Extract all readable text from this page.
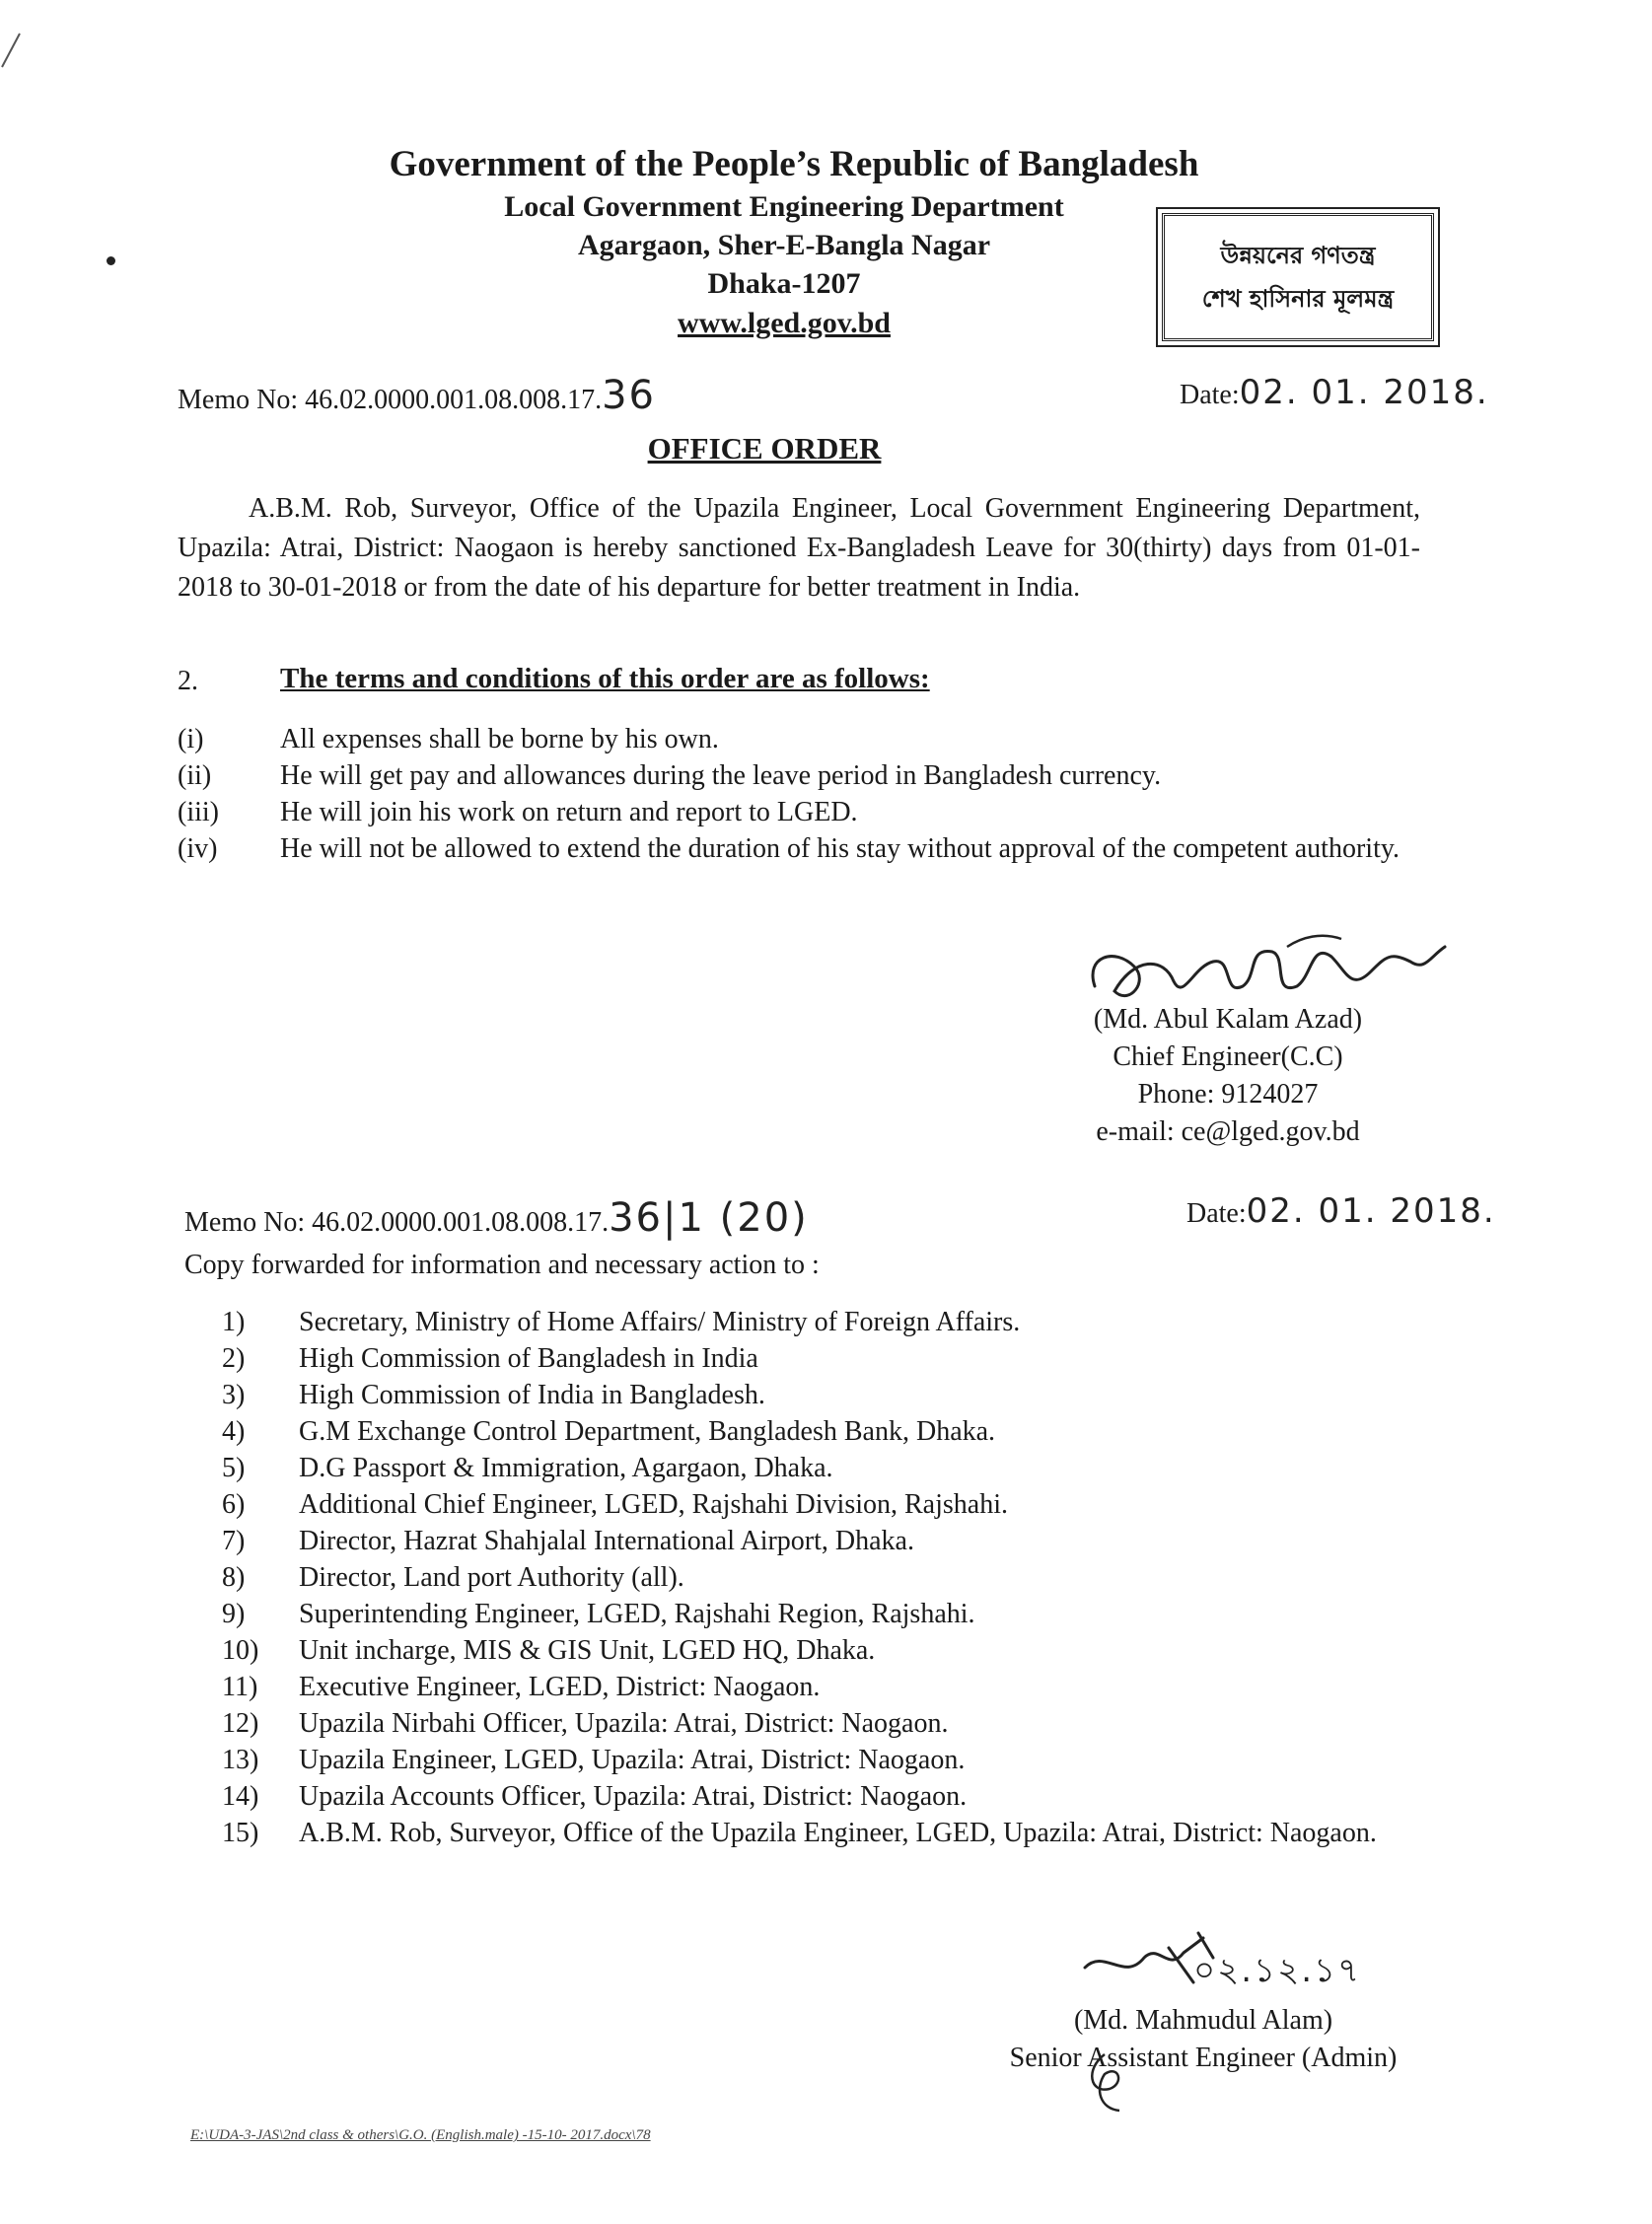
Government of the People’s Republic of Bangladesh
Local Government Engineering Department
Agargaon, Sher-E-Bangla Nagar
Dhaka-1207
www.lged.gov.bd
উন্নয়নের গণতন্ত্র
শেখ হাসিনার মূলমন্ত্র
Memo No: 46.02.0000.001.08.008.17.36	Date:02. 01. 2018.
OFFICE ORDER
A.B.M. Rob, Surveyor, Office of the Upazila Engineer, Local Government Engineering Department, Upazila: Atrai, District: Naogaon is hereby sanctioned Ex-Bangladesh Leave for 30(thirty) days from 01-01-2018 to 30-01-2018 or from the date of his departure for better treatment in India.
2.	The terms and conditions of this order are as follows:
(i)	All expenses shall be borne by his own.
(ii)	He will get pay and allowances during the leave period in Bangladesh currency.
(iii)	He will join his work on return and report to LGED.
(iv)	He will not be allowed to extend the duration of his stay without approval of the competent authority.
(Md. Abul Kalam Azad)
Chief Engineer(C.C)
Phone: 9124027
e-mail: ce@lged.gov.bd
Memo No: 46.02.0000.001.08.008.17.36|1 (20)	Date:02. 01. 2018.
Copy forwarded for information and necessary action to :
1)	Secretary, Ministry of Home Affairs/ Ministry of Foreign Affairs.
2)	High Commission of Bangladesh in India
3)	High Commission of India in Bangladesh.
4)	G.M Exchange Control Department, Bangladesh Bank, Dhaka.
5)	D.G Passport & Immigration, Agargaon, Dhaka.
6)	Additional Chief Engineer, LGED, Rajshahi Division, Rajshahi.
7)	Director, Hazrat Shahjalal International Airport, Dhaka.
8)	Director, Land port Authority (all).
9)	Superintending Engineer, LGED, Rajshahi Region, Rajshahi.
10)	Unit incharge, MIS & GIS Unit, LGED HQ, Dhaka.
11)	Executive Engineer, LGED, District: Naogaon.
12)	Upazila Nirbahi Officer, Upazila: Atrai, District: Naogaon.
13)	Upazila Engineer, LGED, Upazila: Atrai, District: Naogaon.
14)	Upazila Accounts Officer, Upazila: Atrai, District: Naogaon.
15)	A.B.M. Rob, Surveyor, Office of the Upazila Engineer, LGED, Upazila: Atrai, District: Naogaon.
০২.১২.১৭
(Md. Mahmudul Alam)
Senior Assistant Engineer (Admin)
E:\UDA-3-JAS\2nd class & others\G.O. (English.male) -15-10- 2017.docx\78
